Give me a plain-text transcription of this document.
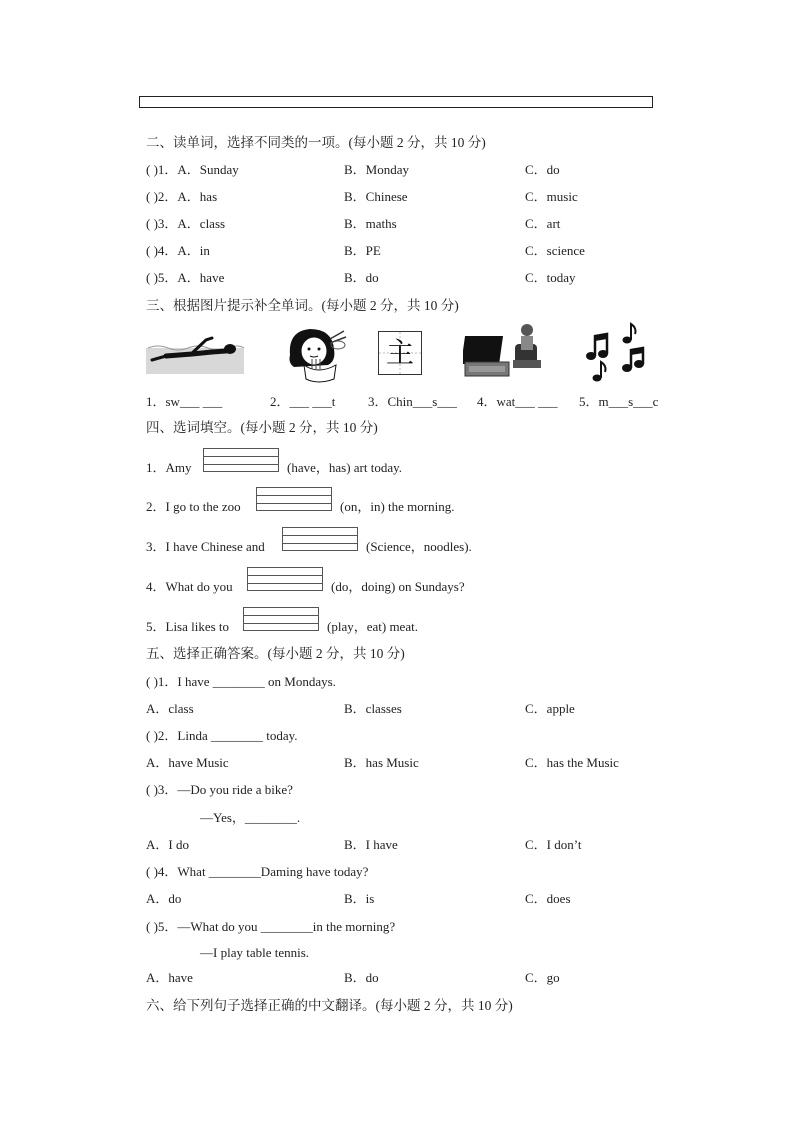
二、读单词，选择不同类的一项。(每小题 2 分，共 10 分)
( )1．A．Sunday	B．Monday	C．do
( )2．A．has	B．Chinese	C．music
( )3．A．class	B．maths	C．art
( )4．A．in	B．PE	C．science
( )5．A．have	B．do	C．today
三、根据图片提示补全单词。(每小题 2 分，共 10 分)
主
1．sw___ ___	2．___ ___t	3．Chin___s___ 4．wat___ ___ 5．m___s___c
四、选词填空。(每小题 2 分，共 10 分)
1．Amy	(have，has) art today.
2．I go to the zoo	(on，in) the morning.
3．I have Chinese and	(Science，noodles).
4．What do you	(do，doing) on Sundays?
5．Lisa likes to	(play，eat) meat.
五、选择正确答案。(每小题 2 分，共 10 分)
( )1．I have ________ on Mondays.
A．class	B．classes	C．apple
( )2．Linda ________ today.
A．have Music	B．has Music	C．has the Music
( )3．—Do you ride a bike?
—Yes，________.
A．I do	B．I have	C．I don’t
( )4．What ________Daming have today?
A．do	B．is	C．does
( )5．—What do you ________in the morning?
—I play table tennis.
A．have	B．do	C．go
六、给下列句子选择正确的中文翻译。(每小题 2 分，共 10 分)
